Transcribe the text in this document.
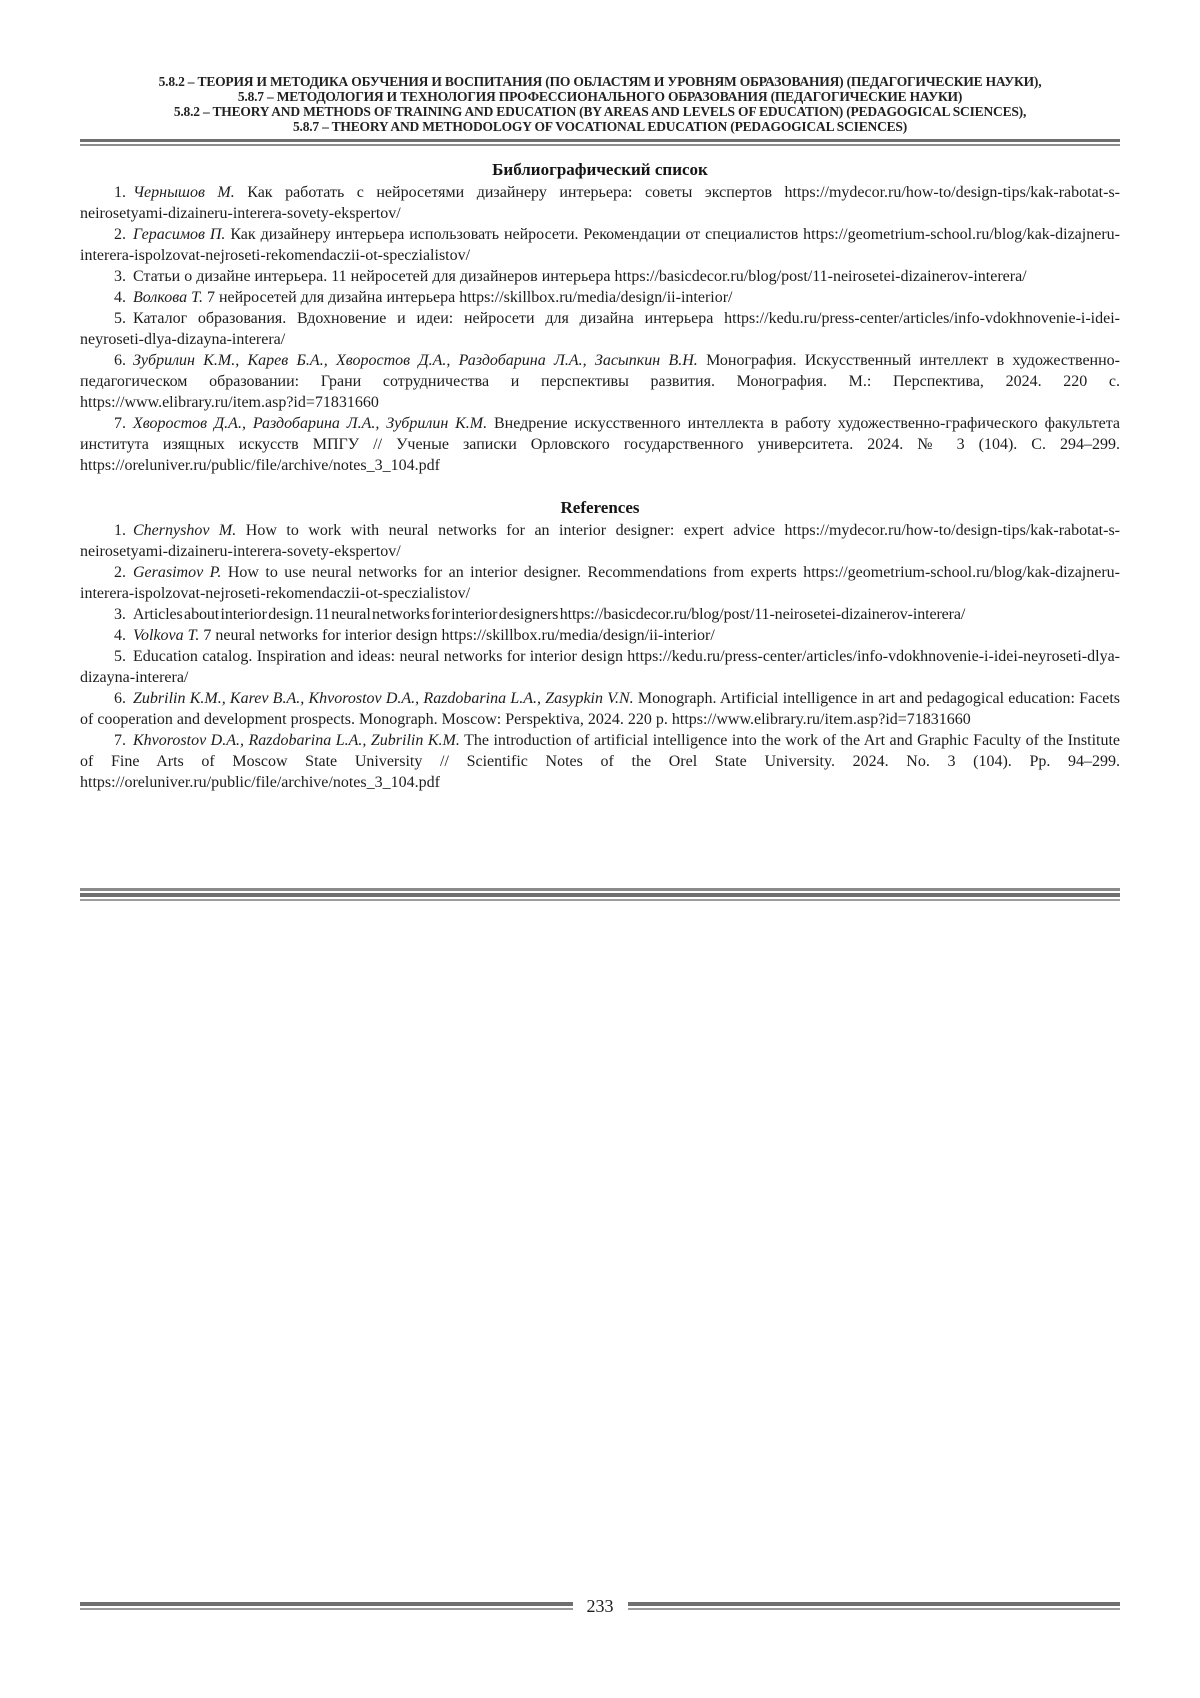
5.8.2 – ТЕОРИЯ И МЕТОДИКА ОБУЧЕНИЯ И ВОСПИТАНИЯ (ПО ОБЛАСТЯМ И УРОВНЯМ ОБРАЗОВАНИЯ) (ПЕДАГОГИЧЕСКИЕ НАУКИ),
5.8.7 – МЕТОДОЛОГИЯ И ТЕХНОЛОГИЯ ПРОФЕССИОНАЛЬНОГО ОБРАЗОВАНИЯ (ПЕДАГОГИЧЕСКИЕ НАУКИ)
5.8.2 – THEORY AND METHODS OF TRAINING AND EDUCATION (BY AREAS AND LEVELS OF EDUCATION) (PEDAGOGICAL SCIENCES),
5.8.7 – THEORY AND METHODOLOGY OF VOCATIONAL EDUCATION (PEDAGOGICAL SCIENCES)
Библиографический список

1. Чернышов М. Как работать с нейросетями дизайнеру интерьера: советы экспертов https://mydecor.ru/how-to/design-tips/kak-rabotat-s-neirosetyami-dizaineru-interera-sovety-ekspertov/

2. Герасимов П. Как дизайнеру интерьера использовать нейросети. Рекомендации от специалистов https://geometrium-school.ru/blog/kak-dizajneru-interera-ispolzovat-nejroseti-rekomendaczii-ot-speczialistov/

3. Статьи о дизайне интерьера. 11 нейросетей для дизайнеров интерьера https://basicdecor.ru/blog/post/11-neirosetei-dizainerov-interera/

4. Волкова Т. 7 нейросетей для дизайна интерьера https://skillbox.ru/media/design/ii-interior/

5. Каталог образования. Вдохновение и идеи: нейросети для дизайна интерьера https://kedu.ru/press-center/articles/info-vdokhnovenie-i-idei-neyroseti-dlya-dizayna-interera/

6. Зубрилин К.М., Карев Б.А., Хворостов Д.А., Раздобарина Л.А., Засыпкин В.Н. Монография. Искусственный интеллект в художественно-педагогическом образовании: Грани сотрудничества и перспективы развития. Монография. М.: Перспектива, 2024. 220 с. https://www.elibrary.ru/item.asp?id=71831660

7. Хворостов Д.А., Раздобарина Л.А., Зубрилин К.М. Внедрение искусственного интеллекта в работу художественно-графического факультета института изящных искусств МПГУ // Ученые записки Орловского государственного университета. 2024. № 3 (104). С. 294–299. https://oreluniver.ru/public/file/archive/notes_3_104.pdf

References

1. Chernyshov M. How to work with neural networks for an interior designer: expert advice https://mydecor.ru/how-to/design-tips/kak-rabotat-s-neirosetyami-dizaineru-interera-sovety-ekspertov/

2. Gerasimov P. How to use neural networks for an interior designer. Recommendations from experts https://geometrium-school.ru/blog/kak-dizajneru-interera-ispolzovat-nejroseti-rekomendaczii-ot-speczialistov/

3. Articles about interior design. 11 neural networks for interior designers https://basicdecor.ru/blog/post/11-neirosetei-dizainerov-interera/

4. Volkova T. 7 neural networks for interior design https://skillbox.ru/media/design/ii-interior/

5. Education catalog. Inspiration and ideas: neural networks for interior design https://kedu.ru/press-center/articles/info-vdokhnovenie-i-idei-neyroseti-dlya-dizayna-interera/

6. Zubrilin K.M., Karev B.A., Khvorostov D.A., Razdobarina L.A., Zasypkin V.N. Monograph. Artificial intelligence in art and pedagogical education: Facets of cooperation and development prospects. Monograph. Moscow: Perspektiva, 2024. 220 p. https://www.elibrary.ru/item.asp?id=71831660

7. Khvorostov D.A., Razdobarina L.A., Zubrilin K.M. The introduction of artificial intelligence into the work of the Art and Graphic Faculty of the Institute of Fine Arts of Moscow State University // Scientific Notes of the Orel State University. 2024. No. 3 (104). Pp. 94–299. https://oreluniver.ru/public/file/archive/notes_3_104.pdf

233
